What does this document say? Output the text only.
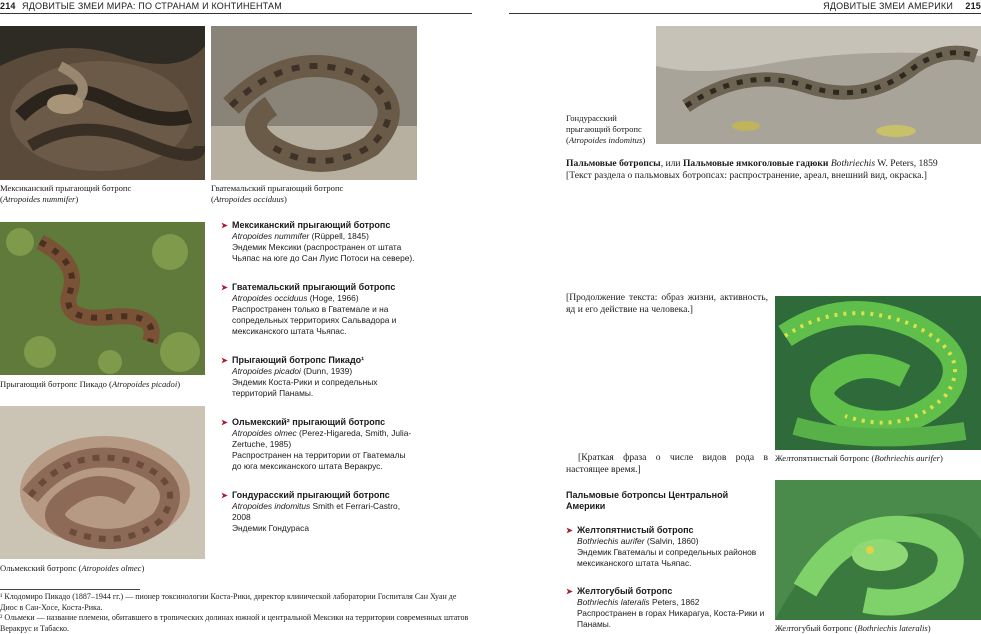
214 ЯДОВИТЫЕ ЗМЕИ МИРА: ПО СТРАНАМ И КОНТИНЕНТАМ
Мексиканский прыгающий ботропс
(Atropoides nummifer)
Гватемальский прыгающий ботропс
(Atropoides occiduus)
Прыгающий ботропс Пикадо (Atropoides picadoi)
Ольмекский ботропс (Atropoides olmec)
➤ Мексиканский прыгающий ботропс
Atropoides nummifer (Rüppell, 1845)
Эндемик Мексики (распространен от штата Чьяпас на юге до Сан Луис Потоси на севере).
➤ Гватемальский прыгающий ботропс
Atropoides occiduus (Hoge, 1966)
Распространен только в Гватемале и на сопредельных территориях Сальвадора и мексиканского штата Чьяпас.
➤ Прыгающий ботропс Пикадо¹
Atropoides picadoi (Dunn, 1939)
Эндемик Коста-Рики и сопредельных территорий Панамы.
➤ Ольмекский² прыгающий ботропс
Atropoides olmec (Perez-Higareda, Smith, Julia-Zertuche, 1985)
Распространен на территории от Гватемалы до юга мексиканского штата Веракрус.
➤ Гондурасский прыгающий ботропс
Atropoides indomitus Smith et Ferrari-Castro, 2008
Эндемик Гондураса
¹ Клодомиро Пикадо (1887–1944 гг.) — пионер токсинологии Коста-Рики, директор клинической лаборатории Госпиталя Сан Хуан де Диос в Сан-Хосе, Коста-Рика.
² Ольмеки — название племени, обитавшего в тропических долинах южной и центральной Мексики на территории современных штатов Веракрус и Табаско.
ЯДОВИТЫЕ ЗМЕИ АМЕРИКИ 215
Гондурасский прыгающий ботропс
(Atropoides indomitus)
Пальмовые ботропсы, или Пальмовые ямкоголовые гадюки Bothriechis W. Peters, 1859
[Текст раздела о пальмовых ботропсах: распространение, ареал, внешний вид, окраска.]
[Продолжение текста: образ жизни, активность, яд и его действие на человека.]
[Краткая фраза о числе видов рода в настоящее время.]
Пальмовые ботропсы Центральной Америки
➤ Желтопятнистый ботропс
Bothriechis aurifer (Salvin, 1860)
Эндемик Гватемалы и сопредельных районов мексиканского штата Чьяпас.
➤ Желтогубый ботропс
Bothriechis lateralis Peters, 1862
Распространен в горах Никарагуа, Коста-Рики и Панамы.
Желтопятнистый ботропс (Bothriechis aurifer)
Желтогубый ботропс (Bothriechis lateralis)
